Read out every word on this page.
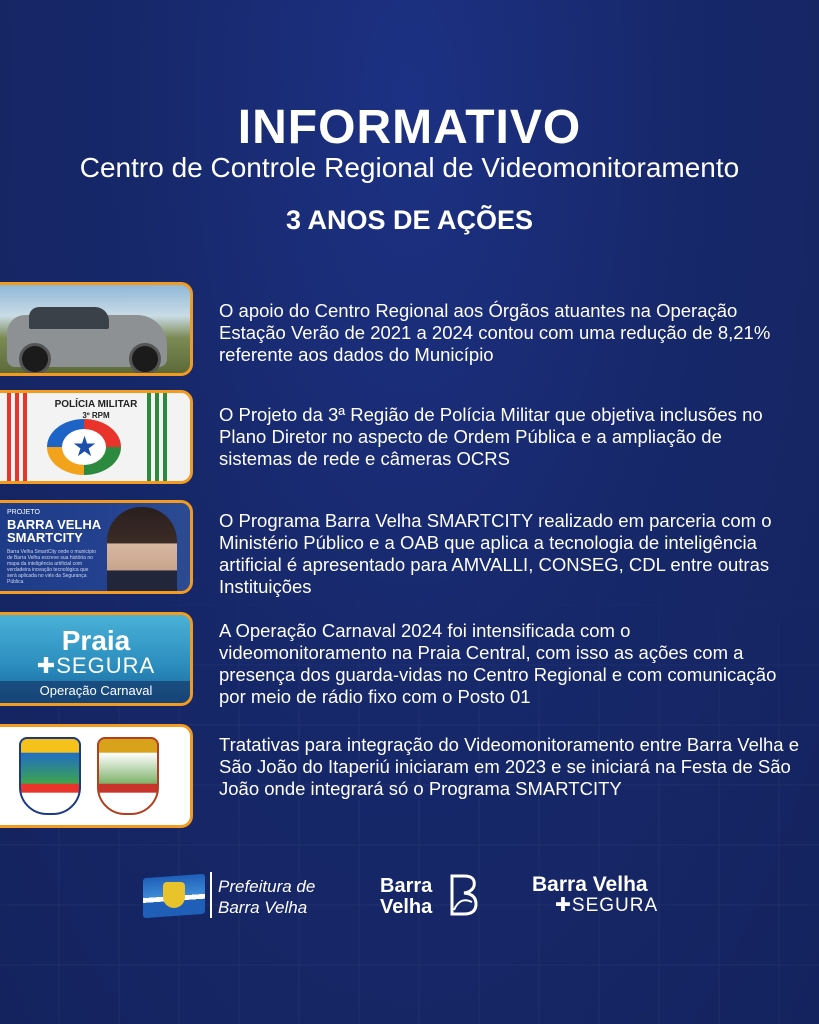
INFORMATIVO
Centro de Controle Regional de Videomonitoramento
3 ANOS DE AÇÕES
O apoio do Centro Regional aos Órgãos atuantes na Operação Estação Verão de 2021 a 2024 contou com uma redução de 8,21% referente aos dados do Município
POLÍCIA MILITAR
3º RPM
★
O Projeto da 3ª Região de Polícia Militar que objetiva inclusões no Plano Diretor no aspecto de Ordem Pública e a ampliação de sistemas de rede e câmeras OCRS
PROJETO
BARRA VELHA
SMARTCITY
Barra Velha SmartCity onde o município de Barra Velha escreve sua história no mapa da inteligência artificial com verdadeira inovação tecnológica que será aplicada no viés da Segurança Pública
O Programa Barra Velha SMARTCITY realizado em parceria com o Ministério Público e a OAB que aplica a tecnologia de inteligência artificial é apresentado para AMVALLI, CONSEG, CDL entre outras Instituições
Praia
✚SEGURA
Operação Carnaval
A Operação Carnaval 2024 foi intensificada com o videomonitoramento na Praia Central, com isso as ações com a presença dos guarda-vidas no Centro Regional e com comunicação por meio de rádio fixo com o Posto 01
Tratativas para integração do Videomonitoramento entre Barra Velha e São João do Itaperiú iniciaram em 2023 e se iniciará na Festa de São João onde integrará só o Programa SMARTCITY
Prefeitura de
Barra Velha
Barra
Velha
Barra Velha
✚SEGURA
